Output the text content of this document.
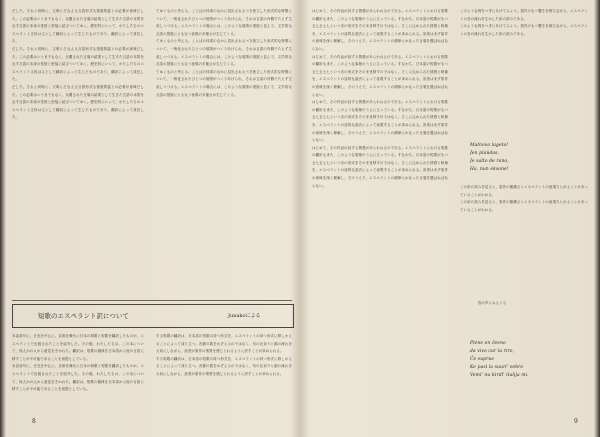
だした。それと同時に、文明にそなえる言語形式も発展的姿との必要が意味だした。この必要はいうまでもなく、反覆された言葉の結果として生きた言語の本質をなす言語の本来の性格と密接に結びついてゆく。歴史的にいって、わたしたちのエスペラント文体は主として翻訳によって生じたものであり、翻訳によって成長した。

だした。それと同時に、文明にそなえる言語形式も発展的姿との必要が意味だした。この必要はいうまでもなく、反覆された言葉の結果として生きた言語の本質をなす言語の本来の性格と密接に結びついてゆく。歴史的にいって、わたしたちのエスペラント文体は主として翻訳によって生じたものであり、翻訳によって成長した。

だした。それと同時に、文明にそなえる言語形式も発展的姿との必要が意味だした。この必要はいうまでもなく、反覆された言葉の結果として生きた言語の本質をなす言語の本来の性格と密接に結びついてゆく。歴史的にいって、わたしたちのエスペラント文体は主として翻訳によって生じたものであり、翻訳によって成長した。

てゆくものと考える。ことばの体系のなかに見出されるべき独立した形式的な特徴について、一般化されたひとつの規則がつくりあげられ、それは言語の内側でたえず生成しつづける。エスペラントの場合には、このような規則の発展と並んで、文学的な言語の発展にともなう表現の多様さが生じてくる。

てゆくものと考える。ことばの体系のなかに見出されるべき独立した形式的な特徴について、一般化されたひとつの規則がつくりあげられ、それは言語の内側でたえず生成しつづける。エスペラントの場合には、このような規則の発展と並んで、文学的な言語の発展にともなう表現の多様さが生じてくる。

てゆくものと考える。ことばの体系のなかに見出されるべき独立した形式的な特徴について、一般化されたひとつの規則がつくりあげられ、それは言語の内側でたえず生成しつづける。エスペラントの場合には、このような規則の発展と並んで、文学的な言語の発展にともなう表現の多様さが生じてくる。

短歌のエスペラント訳について	Junakoによる

本誌前号に、日光を中心に、京都を舞台に日本の和歌と短歌を翻訳したものが、エスペラントで出版されたことを紹介した。その後、わたしたちは、この本について、何人かの人から意見をきかれた。翻訳は、短歌の韻律を日本語から他の言語に移すことが不可能であることを前提としている。

本誌前号に、日光を中心に、京都を舞台に日本の和歌と短歌を翻訳したものが、エスペラントで出版されたことを紹介した。その後、わたしたちは、この本について、何人かの人から意見をきかれた。翻訳は、短歌の韻律を日本語から他の言語に移すことが不可能であることを前提としている。

する短歌の翻訳は、日本語の短歌の持つ形式を、エスペラントの持つ形式に移しかえることによって成り立つ。音節の数をかぞえるのではなく、句の区切りと韻の流れを大切にしながら、読者が原作の情景を感じとれるように訳すことが求められる。

する短歌の翻訳は、日本語の短歌の持つ形式を、エスペラントの持つ形式に移しかえることによって成り立つ。音節の数をかぞえるのではなく、句の区切りと韻の流れを大切にしながら、読者が原作の情景を感じとれるように訳すことが求められる。

8

はじめて、その作品が詩する情感があらわれるのである。エスペラントにおける短歌の翻訳もまた、このような原理のうえに立っている。すなわち、日本語の短歌がもつ五七五七七という音の形式をそのまま移すのではなく、そこに込められた情感と映像を、エスペラントの詩的な語法によって表現することが求められる。訳者はまず原作の意味を深く理解し、そのうえで、エスペラントの韻律にかなった言葉を選ばねばならない。

はじめて、その作品が詩する情感があらわれるのである。エスペラントにおける短歌の翻訳もまた、このような原理のうえに立っている。すなわち、日本語の短歌がもつ五七五七七という音の形式をそのまま移すのではなく、そこに込められた情感と映像を、エスペラントの詩的な語法によって表現することが求められる。訳者はまず原作の意味を深く理解し、そのうえで、エスペラントの韻律にかなった言葉を選ばねばならない。

はじめて、その作品が詩する情感があらわれるのである。エスペラントにおける短歌の翻訳もまた、このような原理のうえに立っている。すなわち、日本語の短歌がもつ五七五七七という音の形式をそのまま移すのではなく、そこに込められた情感と映像を、エスペラントの詩的な語法によって表現することが求められる。訳者はまず原作の意味を深く理解し、そのうえで、エスペラントの韻律にかなった言葉を選ばねばならない。

はじめて、その作品が詩する情感があらわれるのである。エスペラントにおける短歌の翻訳もまた、このような原理のうえに立っている。すなわち、日本語の短歌がもつ五七五七七という音の形式をそのまま移すのではなく、そこに込められた情感と映像を、エスペラントの詩的な語法によって表現することが求められる。訳者はまず原作の意味を深く理解し、そのうえで、エスペラントの韻律にかなった言葉を選ばねばならない。

このような例をつぎにあげてみよう。原作のもつ響きを保ちながら、エスペラントの音の流れを生かした訳の試みである。

このような例をつぎにあげてみよう。原作のもつ響きを保ちながら、エスペラントの音の流れを生かした訳の試みである。

Malnova lageto!
Jen plaŭdas,
Je salto de rano,
Ha, nun eksone!

この訳の試みを見ると、原作の簡潔さとエスペラントの表現力とがよくとけあっていることがわかる。

この訳の試みを見ると、原作の簡潔さとエスペラントの表現力とがよくとけあっていることがわかる。

鳥の声にみえくる

Plene en ĉeeno
da vivo cur la riro,
Ĉe suprue
Ke pasi la suuri' vebro
Vemi' nu birdl' italija mi.
9
